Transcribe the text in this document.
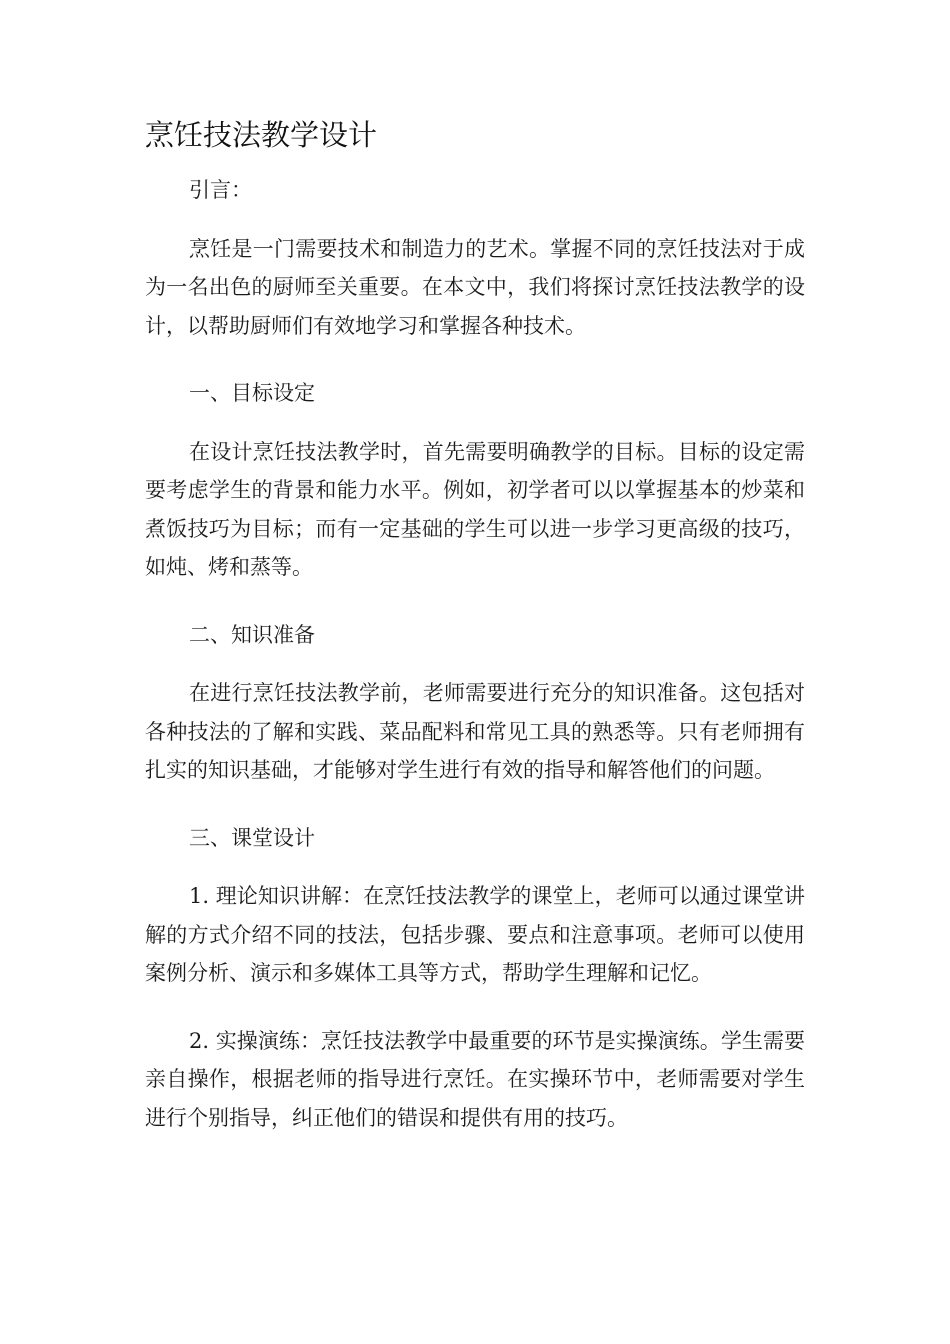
烹饪技法教学设计

引言：

烹饪是一门需要技术和制造力的艺术。掌握不同的烹饪技法对于成为一名出色的厨师至关重要。在本文中，我们将探讨烹饪技法教学的设计，以帮助厨师们有效地学习和掌握各种技术。

一、目标设定

在设计烹饪技法教学时，首先需要明确教学的目标。目标的设定需要考虑学生的背景和能力水平。例如，初学者可以以掌握基本的炒菜和煮饭技巧为目标；而有一定基础的学生可以进一步学习更高级的技巧，如炖、烤和蒸等。

二、知识准备

在进行烹饪技法教学前，老师需要进行充分的知识准备。这包括对各种技法的了解和实践、菜品配料和常见工具的熟悉等。只有老师拥有扎实的知识基础，才能够对学生进行有效的指导和解答他们的问题。

三、课堂设计

1. 理论知识讲解：在烹饪技法教学的课堂上，老师可以通过课堂讲解的方式介绍不同的技法，包括步骤、要点和注意事项。老师可以使用案例分析、演示和多媒体工具等方式，帮助学生理解和记忆。

2. 实操演练：烹饪技法教学中最重要的环节是实操演练。学生需要亲自操作，根据老师的指导进行烹饪。在实操环节中，老师需要对学生进行个别指导，纠正他们的错误和提供有用的技巧。
